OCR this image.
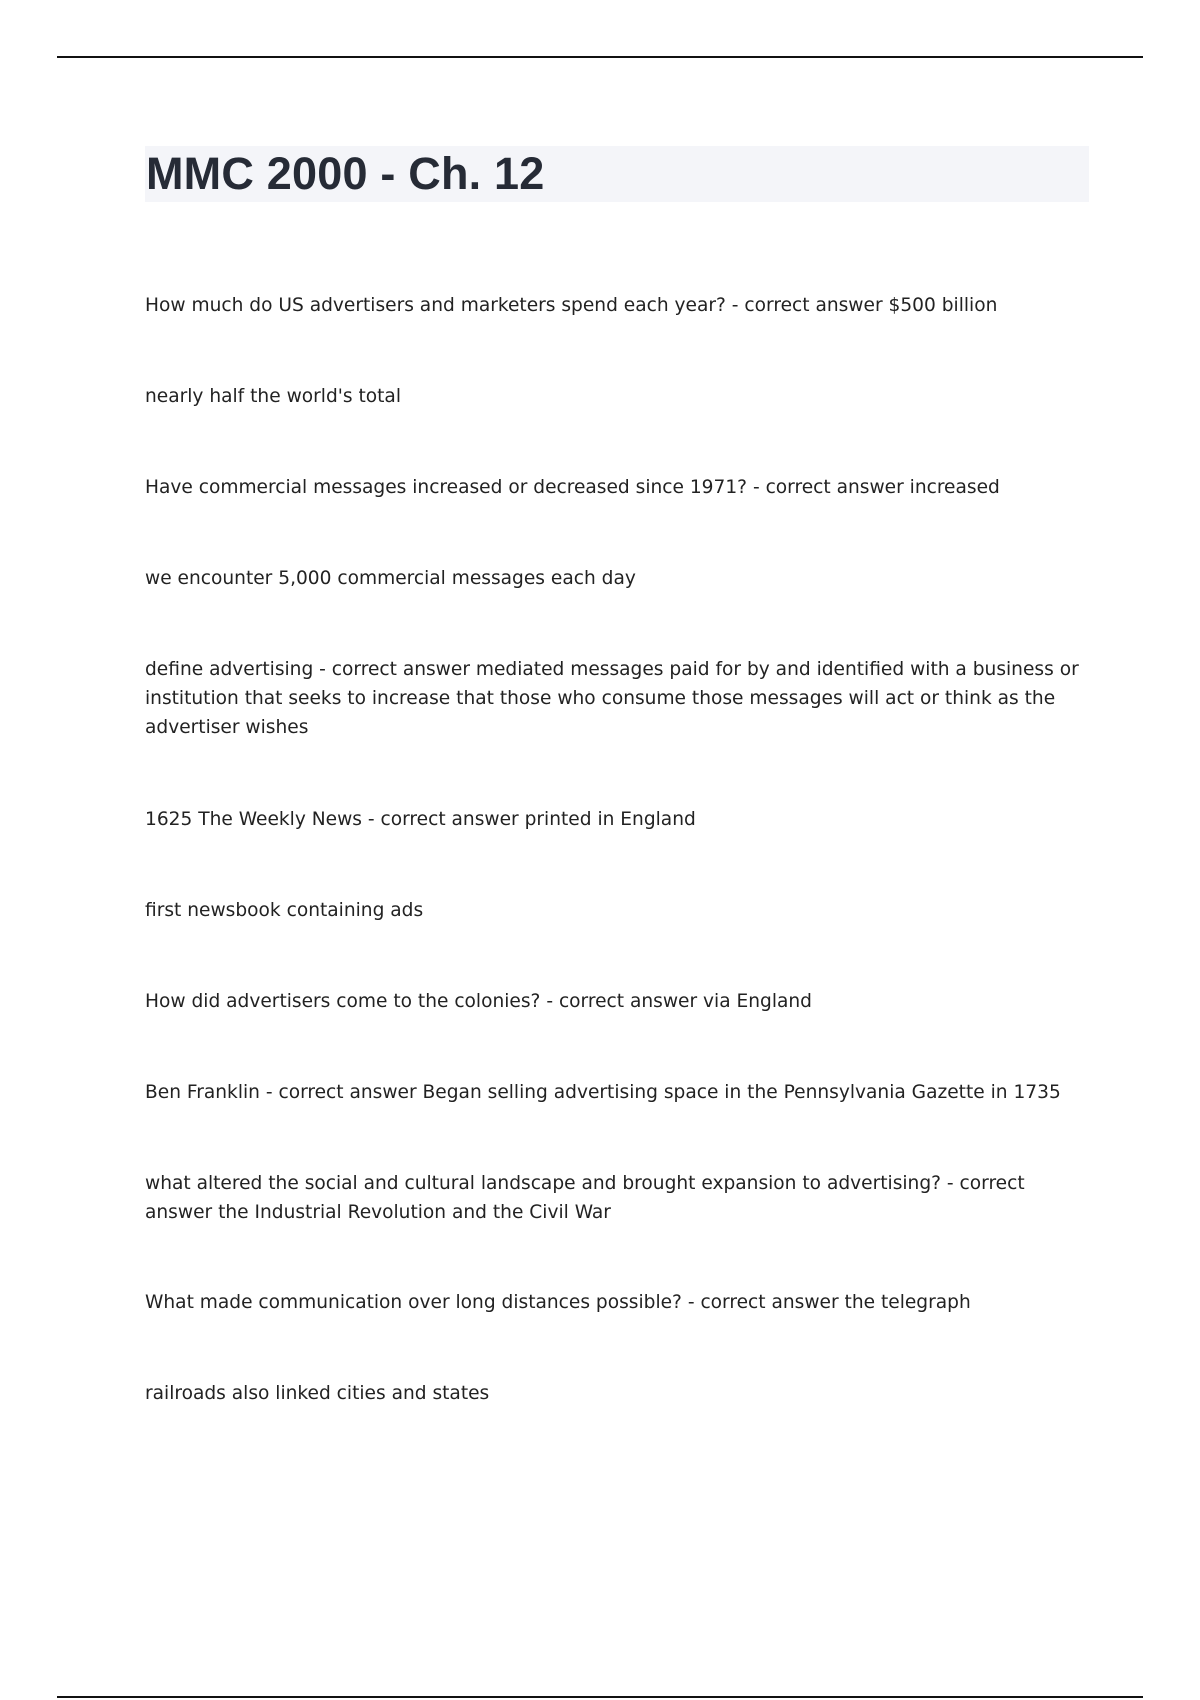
MMC 2000 - Ch. 12

How much do US advertisers and marketers spend each year? - correct answer $500 billion

nearly half the world's total

Have commercial messages increased or decreased since 1971? - correct answer increased

we encounter 5,000 commercial messages each day

define advertising - correct answer mediated messages paid for by and identified with a business or institution that seeks to increase that those who consume those messages will act or think as the advertiser wishes

1625 The Weekly News - correct answer printed in England

first newsbook containing ads

How did advertisers come to the colonies? - correct answer via England

Ben Franklin - correct answer Began selling advertising space in the Pennsylvania Gazette in 1735

what altered the social and cultural landscape and brought expansion to advertising? - correct answer the Industrial Revolution and the Civil War

What made communication over long distances possible? - correct answer the telegraph

railroads also linked cities and states
